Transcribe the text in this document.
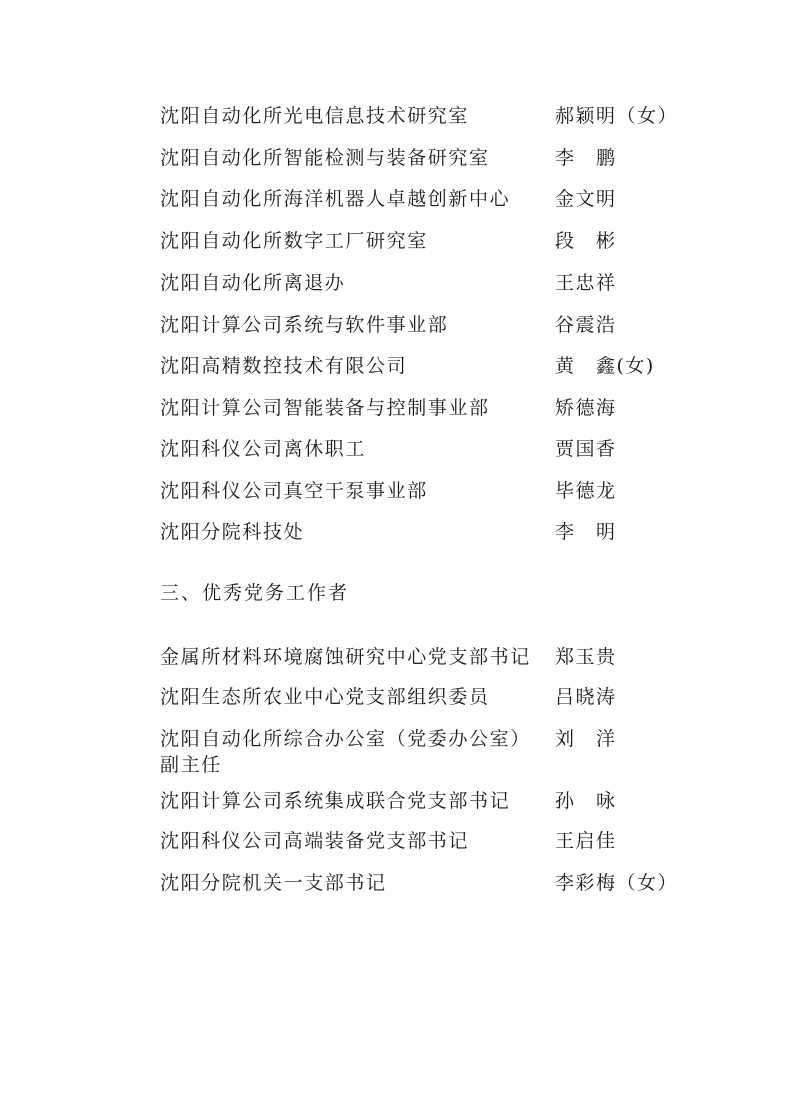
沈阳自动化所光电信息技术研究室	郝颖明（女）
沈阳自动化所智能检测与装备研究室	李　鹏
沈阳自动化所海洋机器人卓越创新中心 金文明
沈阳自动化所数字工厂研究室	段　彬
沈阳自动化所离退办	王忠祥
沈阳计算公司系统与软件事业部	谷震浩
沈阳高精数控技术有限公司	黄　鑫(女)
沈阳计算公司智能装备与控制事业部	矫德海
沈阳科仪公司离休职工	贾国香
沈阳科仪公司真空干泵事业部	毕德龙
沈阳分院科技处	李　明
三、优秀党务工作者
金属所材料环境腐蚀研究中心党支部书记 郑玉贵
沈阳生态所农业中心党支部组织委员	吕晓涛
沈阳自动化所综合办公室（党委办公室） 刘　洋
副主任
沈阳计算公司系统集成联合党支部书记 孙　咏
沈阳科仪公司高端装备党支部书记	王启佳
沈阳分院机关一支部书记	李彩梅（女）
